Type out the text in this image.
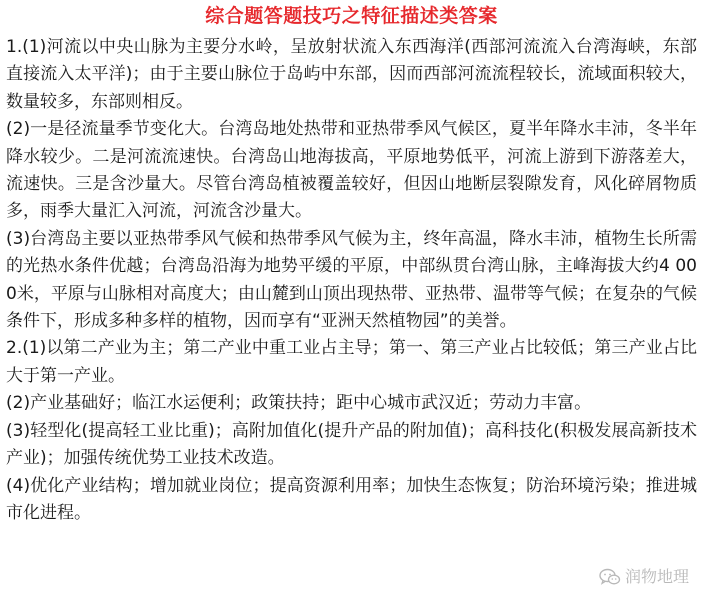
综合题答题技巧之特征描述类答案

1.(1)河流以中央山脉为主要分水岭，呈放射状流入东西海洋(西部河流流入台湾海峡，东部直接流入太平洋)；由于主要山脉位于岛屿中东部，因而西部河流流程较长，流域面积较大，数量较多，东部则相反。

(2)一是径流量季节变化大。台湾岛地处热带和亚热带季风气候区，夏半年降水丰沛，冬半年降水较少。二是河流流速快。台湾岛山地海拔高，平原地势低平，河流上游到下游落差大，流速快。三是含沙量大。尽管台湾岛植被覆盖较好，但因山地断层裂隙发育，风化碎屑物质多，雨季大量汇入河流，河流含沙量大。

(3)台湾岛主要以亚热带季风气候和热带季风气候为主，终年高温，降水丰沛，植物生长所需的光热水条件优越；台湾岛沿海为地势平缓的平原，中部纵贯台湾山脉，主峰海拔大约4 000米，平原与山脉相对高度大；由山麓到山顶出现热带、亚热带、温带等气候；在复杂的气候条件下，形成多种多样的植物，因而享有“亚洲天然植物园”的美誉。

2.(1)以第二产业为主；第二产业中重工业占主导；第一、第三产业占比较低；第三产业占比大于第一产业。

(2)产业基础好；临江水运便利；政策扶持；距中心城市武汉近；劳动力丰富。

(3)轻型化(提高轻工业比重)；高附加值化(提升产品的附加值)；高科技化(积极发展高新技术产业)；加强传统优势工业技术改造。

(4)优化产业结构；增加就业岗位；提高资源利用率；加快生态恢复；防治环境污染；推进城市化进程。

润物地理
